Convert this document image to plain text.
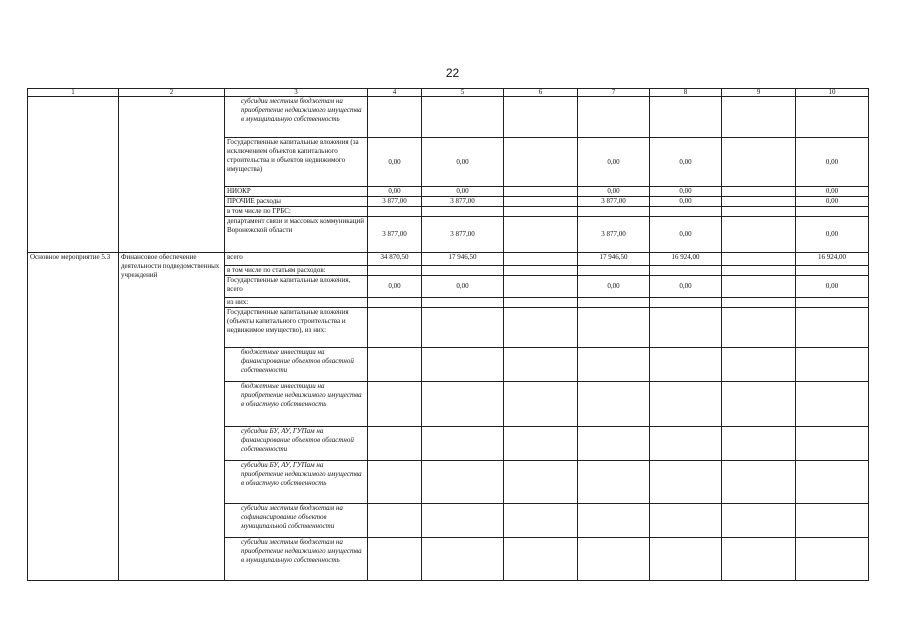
22
1	2	3	4	5	6	7	8	9	10
		субсидии местным бюджетам на приобретение недвижимого имущества в муниципальную собственность							
		Государственные капитальные вложения (за исключением объектов капитального строительства и объектов недвижимого имущества)	0,00	0,00		0,00	0,00		0,00
		НИОКР	0,00	0,00		0,00	0,00		0,00
		ПРОЧИЕ расходы	3 877,00	3 877,00		3 877,00	0,00		0,00
		в том числе по ГРБС:							
		департамент связи и массовых коммуникаций Воронежской области	3 877,00	3 877,00		3 877,00	0,00		0,00
Основное мероприятие 5.3	Финансовое обеспечение деятельности подведомственных учреждений	всего	34 870,50	17 946,50		17 946,50	16 924,00		16 924,00
		в том числе по статьям расходов:							
		Государственные капитальные вложения, всего	0,00	0,00		0,00	0,00		0,00
		из них:							
		Государственные капитальные вложения (объекты капитального строительства и недвижимое имущество), из них:							
		бюджетные инвестиции на финансирование объектов областной собственности							
		бюджетные инвестиции на приобретение недвижимого имущества в областную собственность							
		субсидии БУ, АУ, ГУПам на финансирование объектов областной собственности							
		субсидии БУ, АУ, ГУПам на приобретение недвижимого имущества в областную собственность							
		субсидии местным бюджетам на софинансирование объектов муниципальной собственности							
		субсидии местным бюджетам на приобретение недвижимого имущества в муниципальную собственность							
